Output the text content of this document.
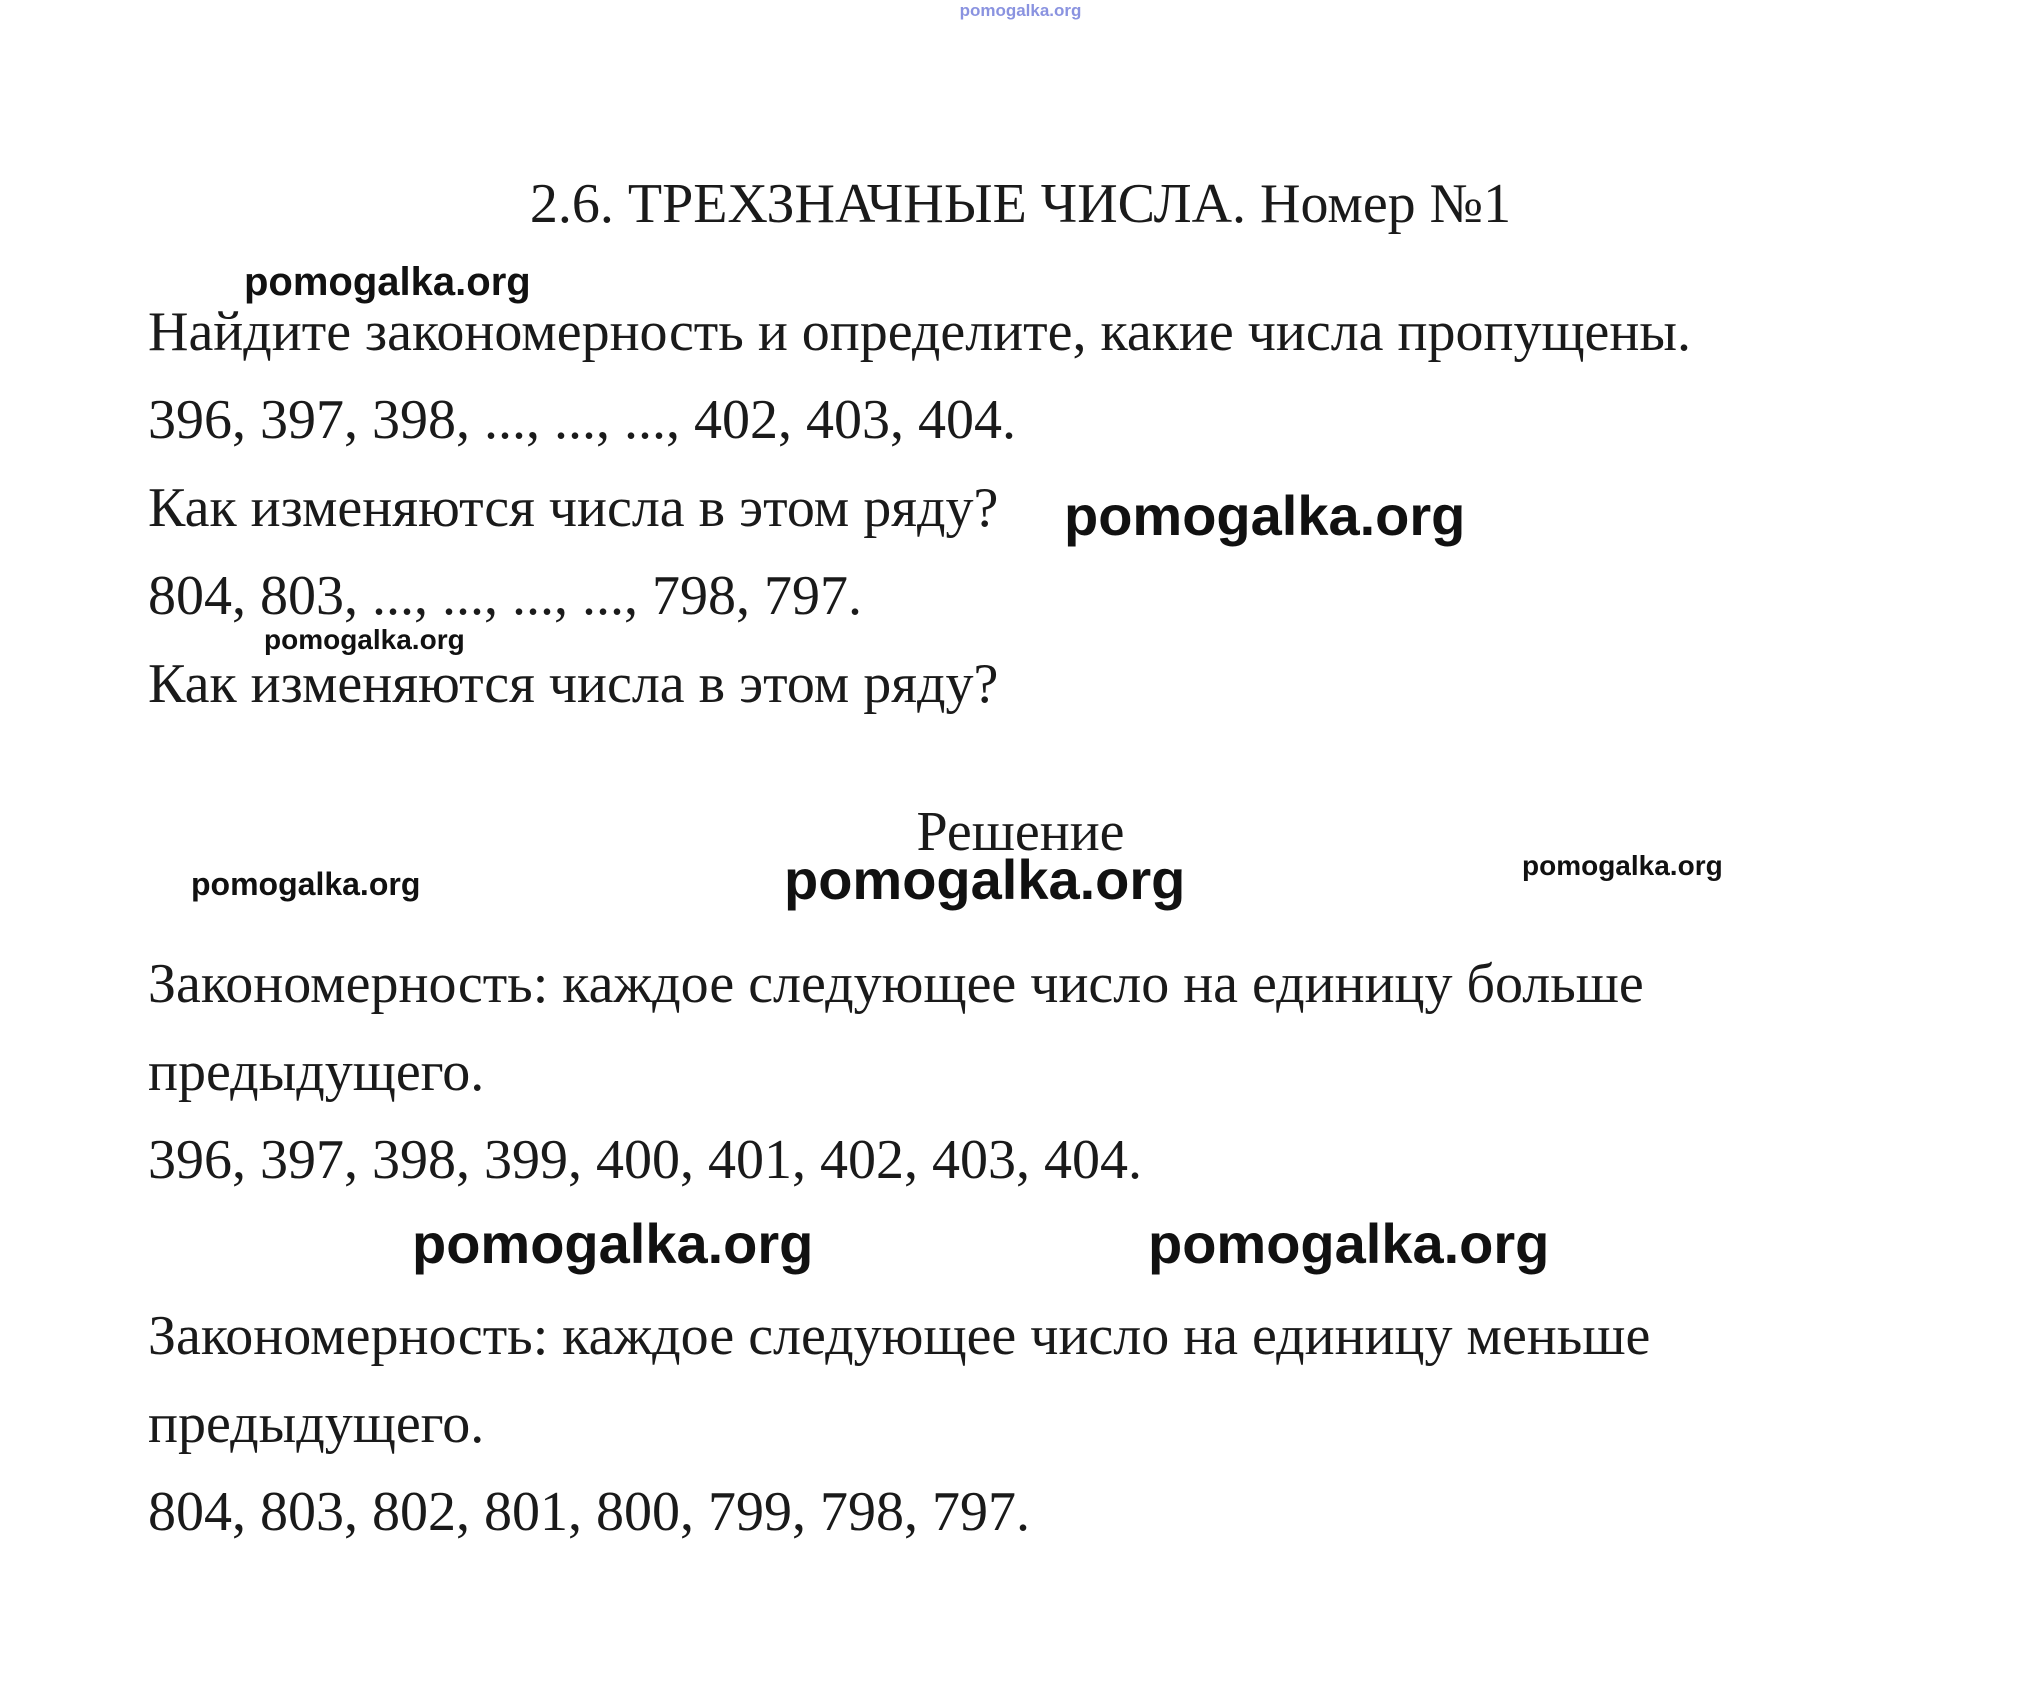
pomogalka.org
2.6. ТРЕХЗНАЧНЫЕ ЧИСЛА. Номер №1
Найдите закономерность и определите, какие числа пропущены.
396, 397, 398, ..., ..., ..., 402, 403, 404.
Как изменяются числа в этом ряду?
804, 803, ..., ..., ..., ..., 798, 797.
Как изменяются числа в этом ряду?
Решение
Закономерность: каждое следующее число на единицу больше
предыдущего.
396, 397, 398, 399, 400, 401, 402, 403, 404.
Закономерность: каждое следующее число на единицу меньше
предыдущего.
804, 803, 802, 801, 800, 799, 798, 797.
pomogalka.org
pomogalka.org
pomogalka.org
pomogalka.org	pomogalka.org	pomogalka.org
pomogalka.org	pomogalka.org
